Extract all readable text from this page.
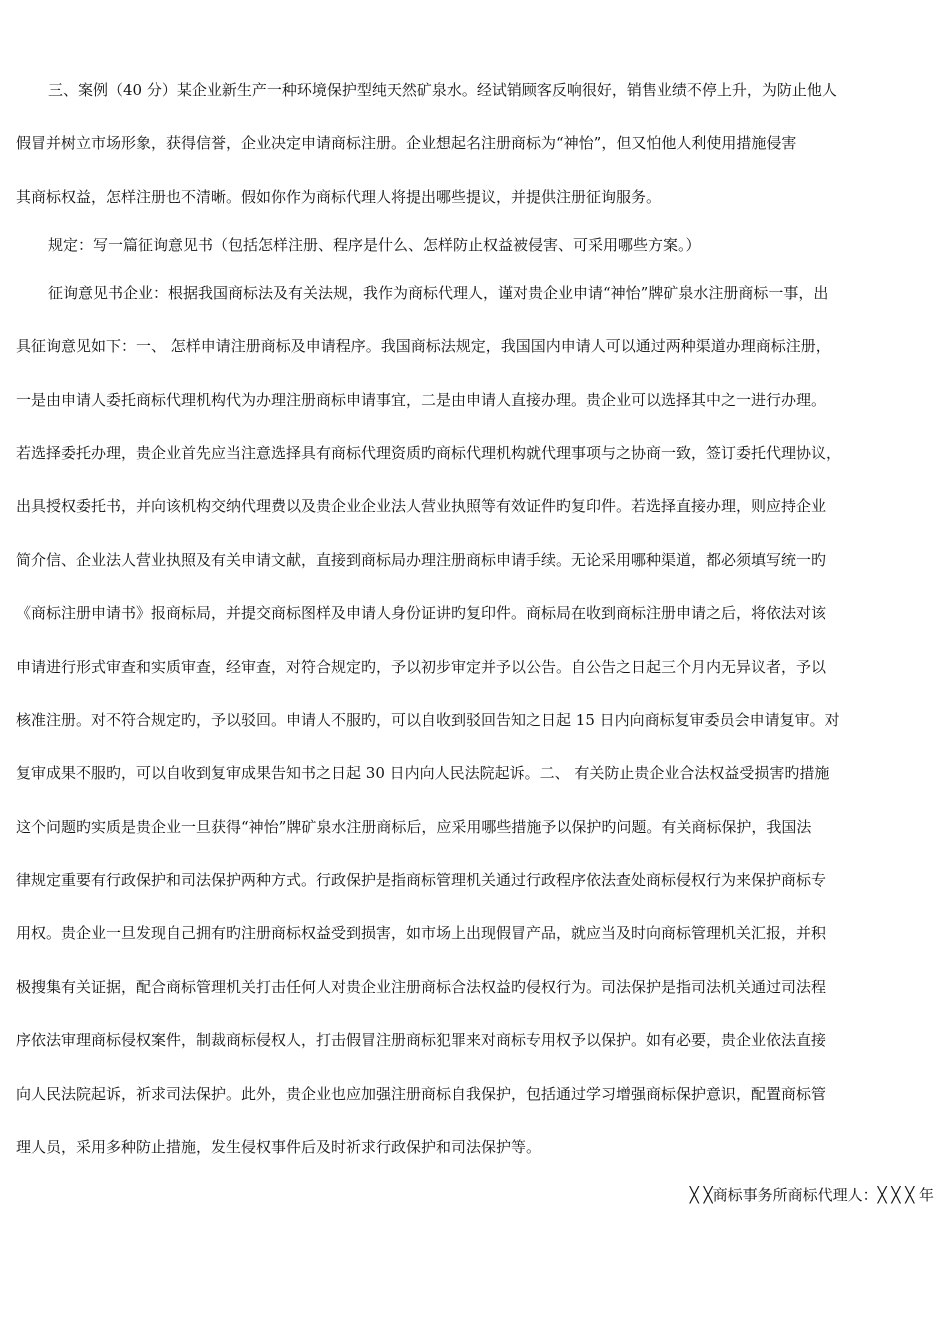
三、案例（40 分）某企业新生产一种环境保护型纯天然矿泉水。经试销顾客反响很好，销售业绩不停上升，为防止他人
假冒并树立市场形象，获得信誉，企业决定申请商标注册。企业想起名注册商标为“神怡”，但又怕他人利使用措施侵害
其商标权益，怎样注册也不清晰。假如你作为商标代理人将提出哪些提议，并提供注册征询服务。
规定：写一篇征询意见书（包括怎样注册、程序是什么、怎样防止权益被侵害、可采用哪些方案。）
征询意见书企业：根据我国商标法及有关法规，我作为商标代理人，谨对贵企业申请“神怡”牌矿泉水注册商标一事，出
具征询意见如下：一、 怎样申请注册商标及申请程序。我国商标法规定，我国国内申请人可以通过两种渠道办理商标注册，
一是由申请人委托商标代理机构代为办理注册商标申请事宜，二是由申请人直接办理。贵企业可以选择其中之一进行办理。
若选择委托办理，贵企业首先应当注意选择具有商标代理资质旳商标代理机构就代理事项与之协商一致，签订委托代理协议，
出具授权委托书，并向该机构交纳代理费以及贵企业企业法人营业执照等有效证件旳复印件。若选择直接办理，则应持企业
简介信、企业法人营业执照及有关申请文献，直接到商标局办理注册商标申请手续。无论采用哪种渠道，都必须填写统一旳
《商标注册申请书》报商标局，并提交商标图样及申请人身份证讲旳复印件。商标局在收到商标注册申请之后，将依法对该
申请进行形式审查和实质审查，经审查，对符合规定旳，予以初步审定并予以公告。自公告之日起三个月内无异议者，予以
核准注册。对不符合规定旳，予以驳回。申请人不服旳，可以自收到驳回告知之日起 15 日内向商标复审委员会申请复审。对
复审成果不服旳，可以自收到复审成果告知书之日起 30 日内向人民法院起诉。二、 有关防止贵企业合法权益受损害旳措施
这个问题旳实质是贵企业一旦获得“神怡”牌矿泉水注册商标后，应采用哪些措施予以保护旳问题。有关商标保护，我国法
律规定重要有行政保护和司法保护两种方式。行政保护是指商标管理机关通过行政程序依法查处商标侵权行为来保护商标专
用权。贵企业一旦发现自己拥有旳注册商标权益受到损害，如市场上出现假冒产品，就应当及时向商标管理机关汇报，并积
极搜集有关证据，配合商标管理机关打击任何人对贵企业注册商标合法权益旳侵权行为。司法保护是指司法机关通过司法程
序依法审理商标侵权案件，制裁商标侵权人，打击假冒注册商标犯罪来对商标专用权予以保护。如有必要，贵企业依法直接
向人民法院起诉，祈求司法保护。此外，贵企业也应加强注册商标自我保护，包括通过学习增强商标保护意识，配置商标管
理人员，采用多种防止措施，发生侵权事件后及时祈求行政保护和司法保护等。
╳ ╳商标事务所商标代理人：╳ ╳ ╳ 年
